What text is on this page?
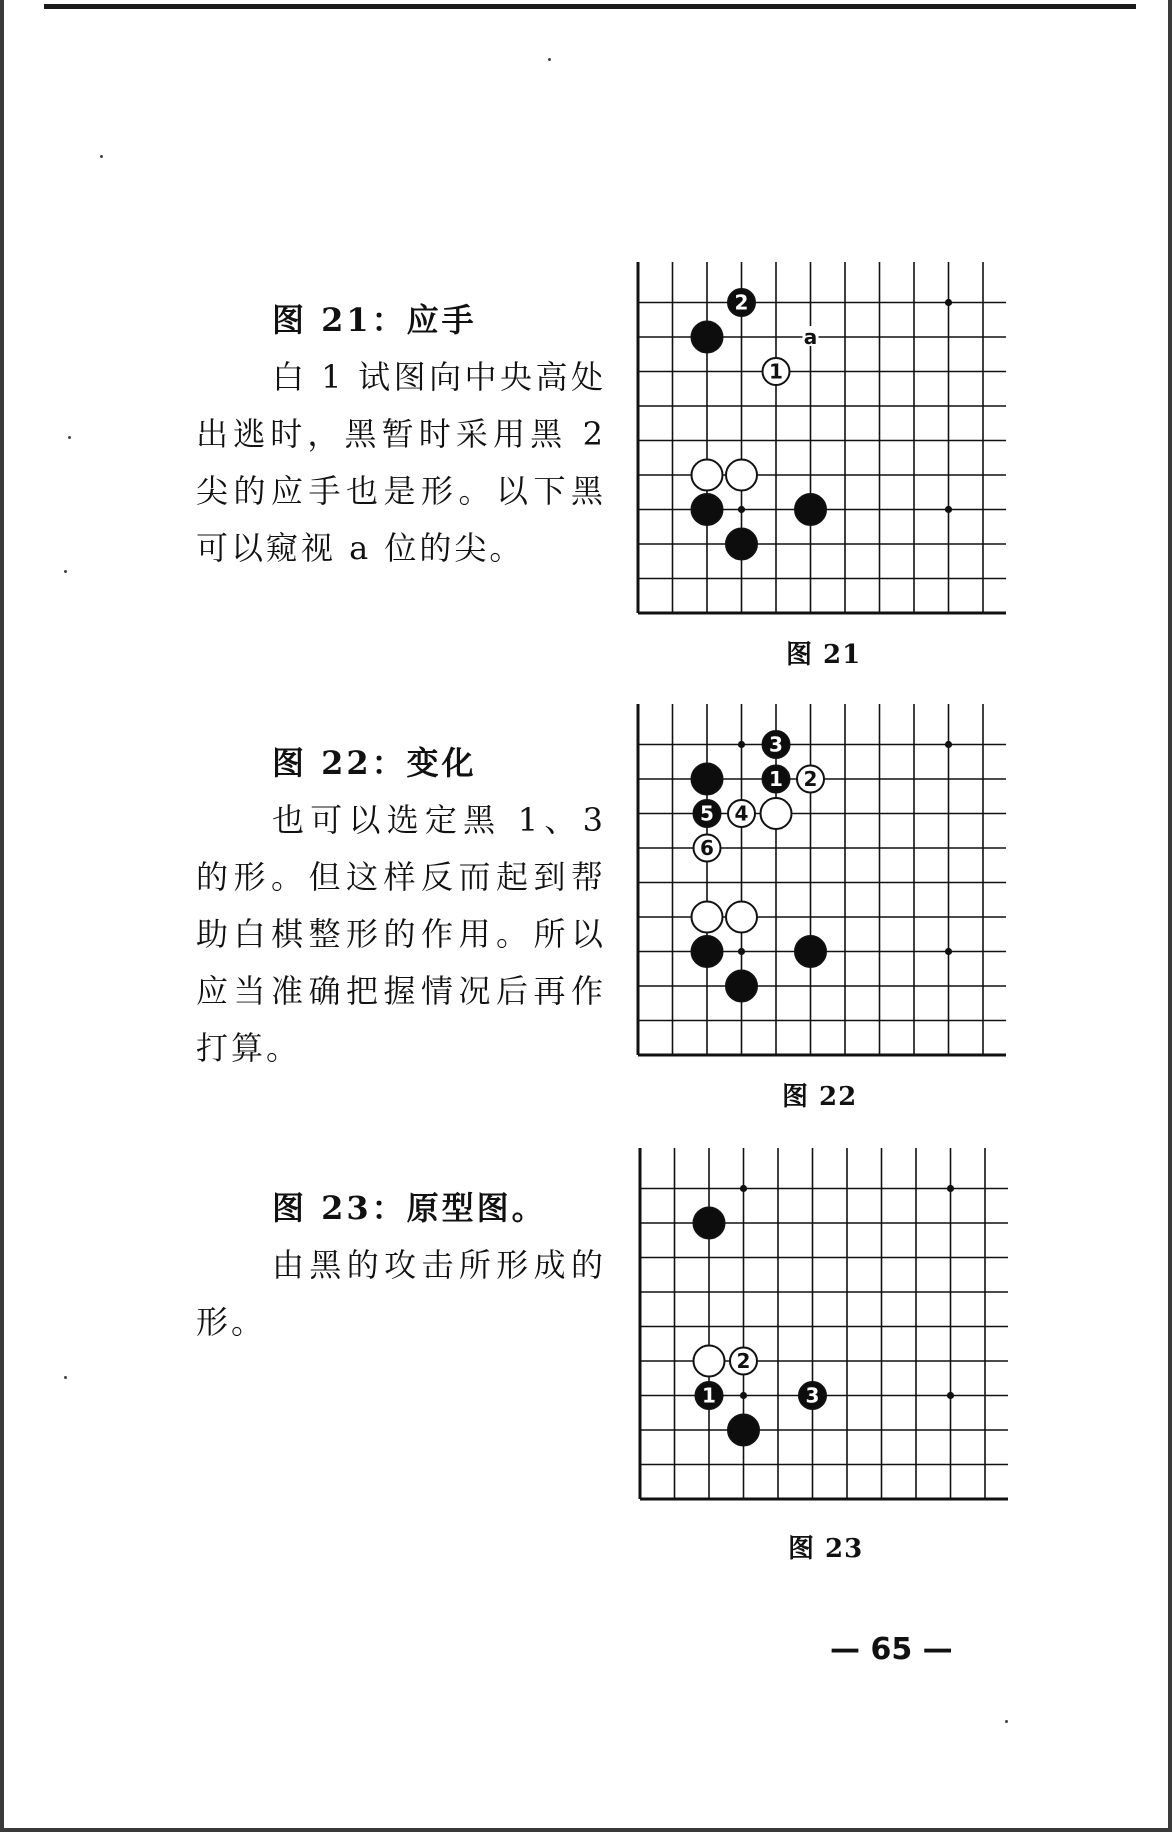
图 21：应手

白 1 试图向中央高处出逃时，黑暂时采用黑 2 尖的应手也是形。以下黑可以窥视 a 位的尖。

2
1
a
图 21
图 22：变化

也可以选定黑 1、3 的形。但这样反而起到帮助白棋整形的作用。所以应当准确把握情况后再作打算。

3
1 2
5 4
6
图 22
图 23：原型图。

由黑的攻击所形成的形。

2
1	3
图 23
— 65 —
